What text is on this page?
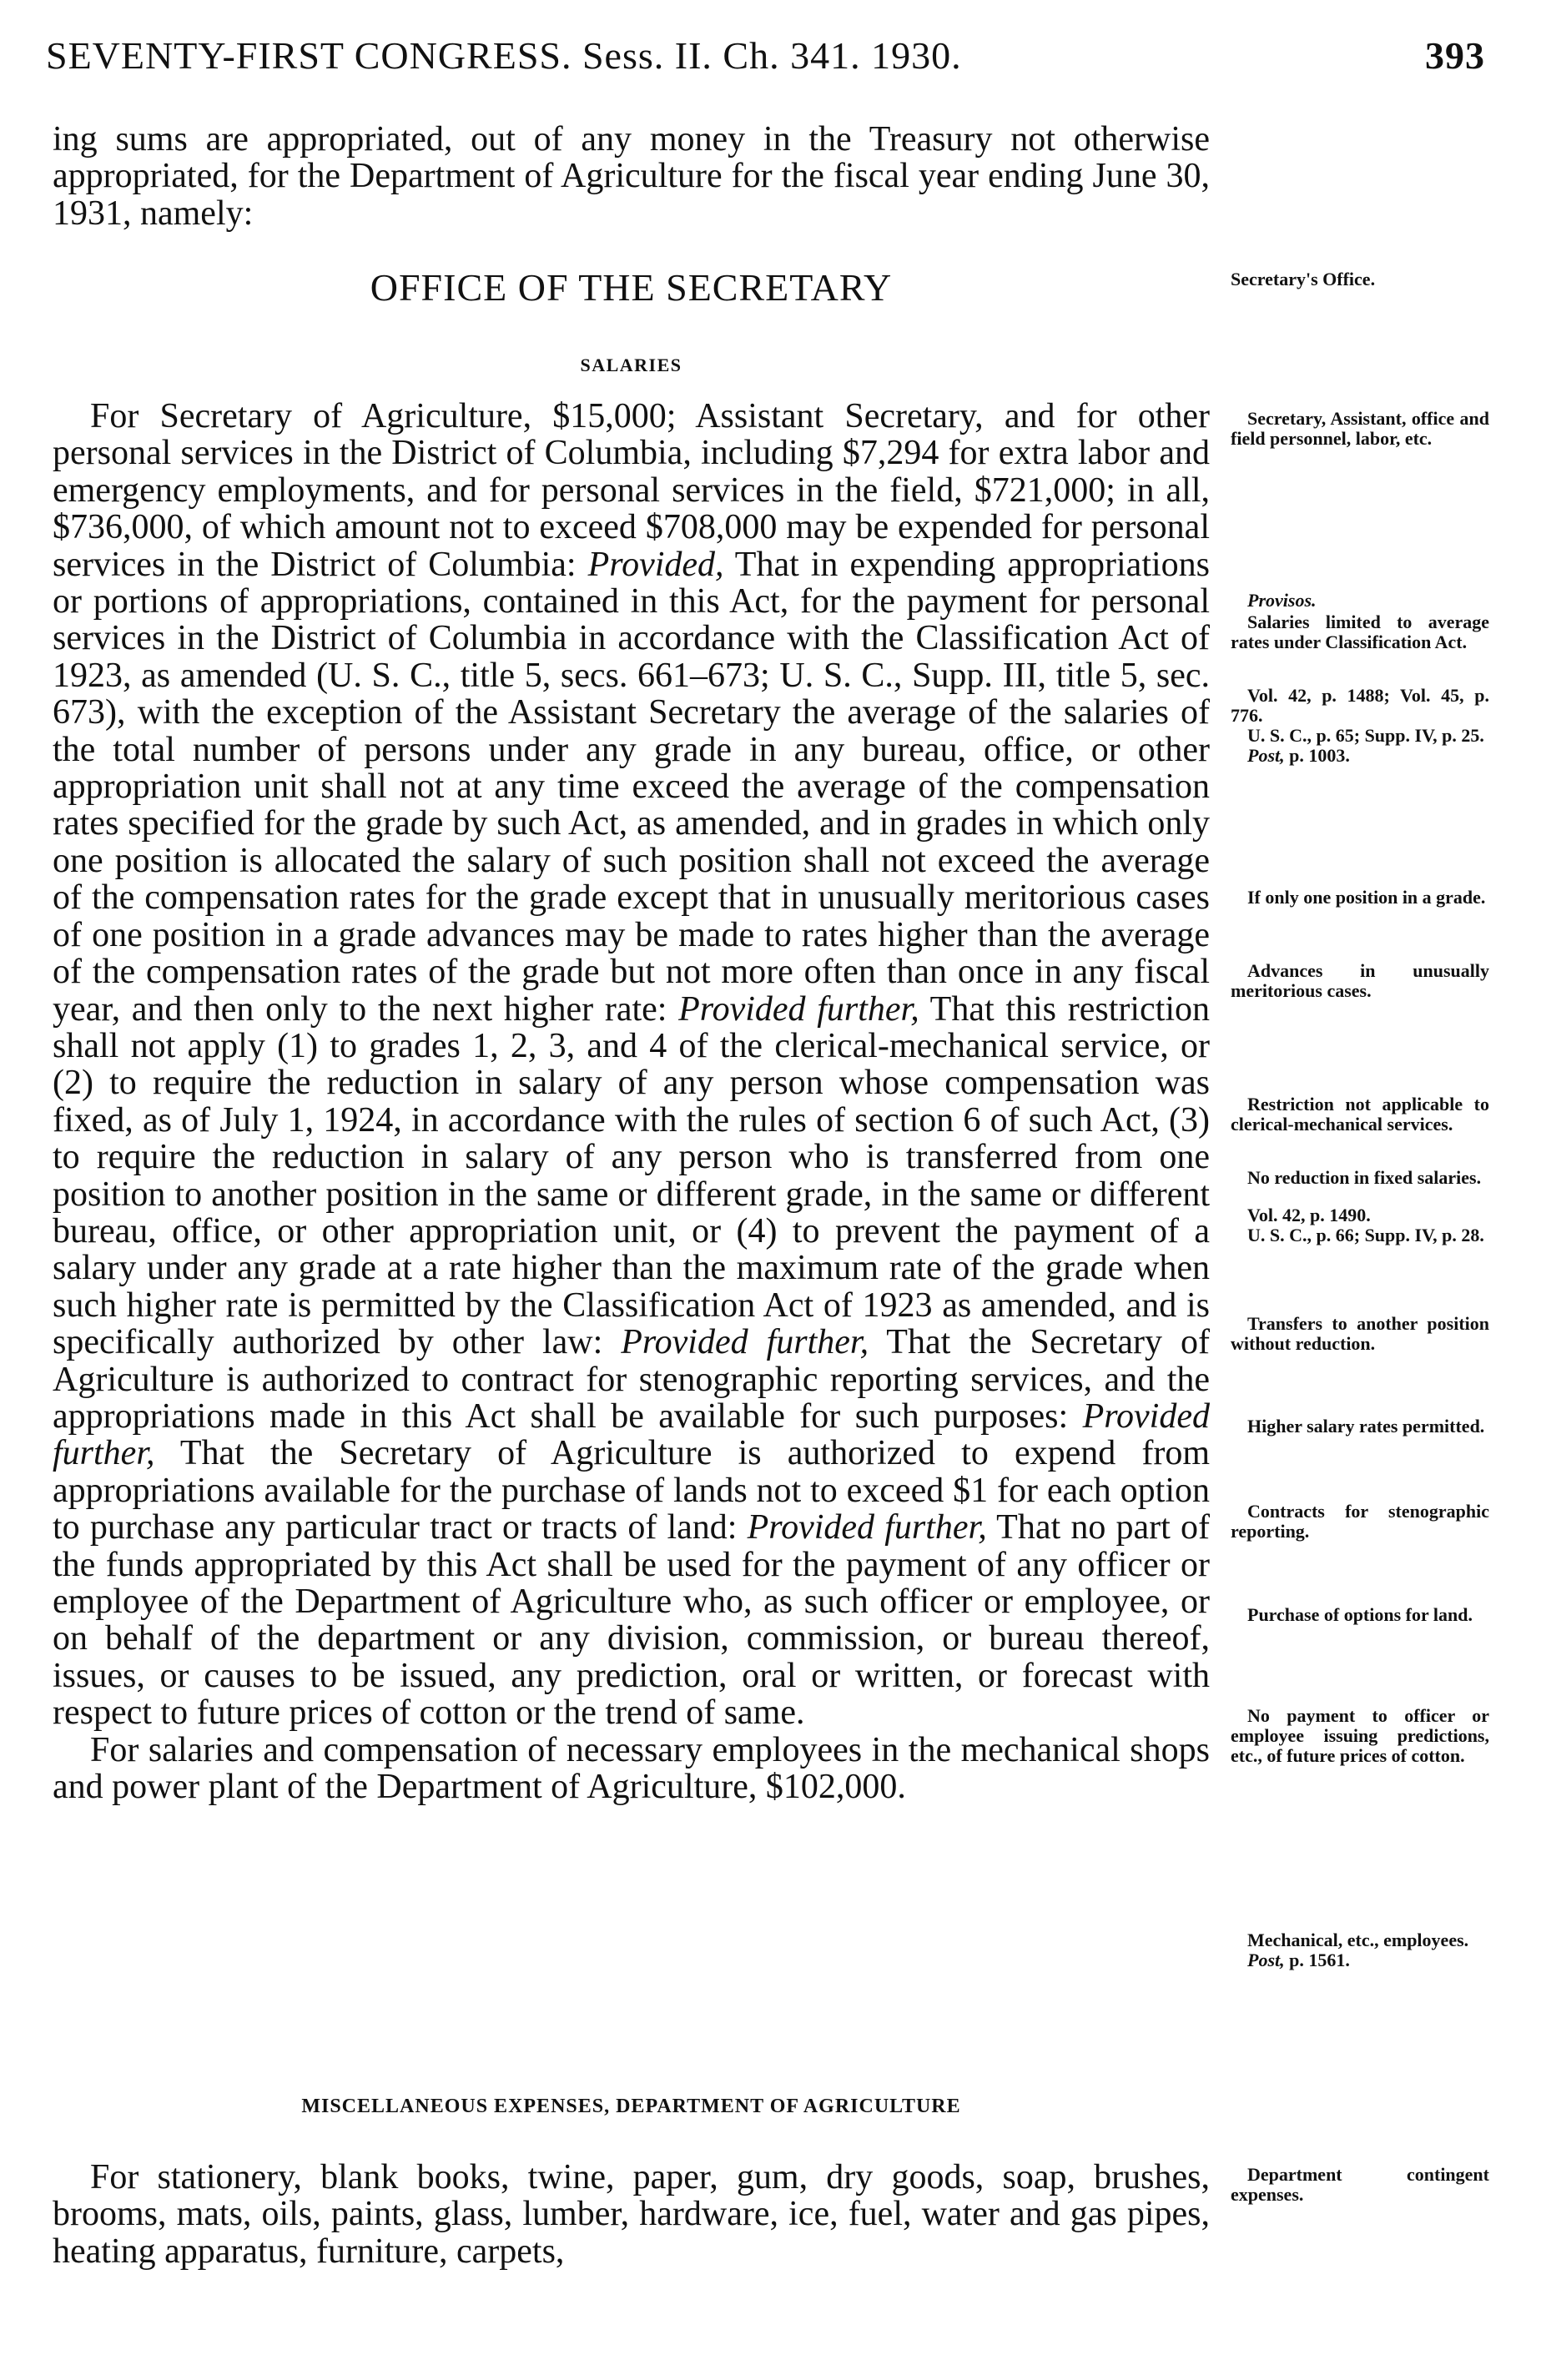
SEVENTY-FIRST CONGRESS. Sess. II. Ch. 341. 1930.	393

ing sums are appropriated, out of any money in the Treasury not otherwise appropriated, for the Department of Agriculture for the fiscal year ending June 30, 1931, namely:

OFFICE OF THE SECRETARY
SALARIES

For Secretary of Agriculture, $15,000; Assistant Secretary, and for other personal services in the District of Columbia, including $7,294 for extra labor and emergency employments, and for personal services in the field, $721,000; in all, $736,000, of which amount not to exceed $708,000 may be expended for personal services in the District of Columbia: Provided, That in expending appropriations or portions of appropriations, contained in this Act, for the payment for personal services in the District of Columbia in accordance with the Classification Act of 1923, as amended (U. S. C., title 5, secs. 661–673; U. S. C., Supp. III, title 5, sec. 673), with the exception of the Assistant Secretary the average of the salaries of the total number of persons under any grade in any bureau, office, or other appropriation unit shall not at any time exceed the average of the compensation rates specified for the grade by such Act, as amended, and in grades in which only one position is allocated the salary of such position shall not exceed the average of the compensation rates for the grade except that in unusually meritorious cases of one position in a grade advances may be made to rates higher than the average of the compensation rates of the grade but not more often than once in any fiscal year, and then only to the next higher rate: Provided further, That this restriction shall not apply (1) to grades 1, 2, 3, and 4 of the clerical-mechanical service, or (2) to require the reduction in salary of any person whose compensation was fixed, as of July 1, 1924, in accordance with the rules of section 6 of such Act, (3) to require the reduction in salary of any person who is transferred from one position to another position in the same or different grade, in the same or different bureau, office, or other appropriation unit, or (4) to prevent the payment of a salary under any grade at a rate higher than the maximum rate of the grade when such higher rate is permitted by the Classification Act of 1923 as amended, and is specifically authorized by other law: Provided further, That the Secretary of Agriculture is authorized to contract for stenographic reporting services, and the appropriations made in this Act shall be available for such purposes: Provided further, That the Secretary of Agriculture is authorized to expend from appropriations available for the purchase of lands not to exceed $1 for each option to purchase any particular tract or tracts of land: Provided further, That no part of the funds appropriated by this Act shall be used for the payment of any officer or employee of the Department of Agriculture who, as such officer or employee, or on behalf of the department or any division, commission, or bureau thereof, issues, or causes to be issued, any prediction, oral or written, or forecast with respect to future prices of cotton or the trend of same.

For salaries and compensation of necessary employees in the mechanical shops and power plant of the Department of Agriculture, $102,000.

MISCELLANEOUS EXPENSES, DEPARTMENT OF AGRICULTURE

For stationery, blank books, twine, paper, gum, dry goods, soap, brushes, brooms, mats, oils, paints, glass, lumber, hardware, ice, fuel, water and gas pipes, heating apparatus, furniture, carpets,

Secretary's Office.
Secretary, Assistant, office and field personnel, labor, etc.
Provisos.
Salaries limited to average rates under Classification Act.
Vol. 42, p. 1488; Vol. 45, p. 776.
U. S. C., p. 65; Supp. IV, p. 25.
Post, p. 1003.
If only one position in a grade.
Advances in unusually meritorious cases.
Restriction not applicable to clerical-mechanical services.
No reduction in fixed salaries.
Vol. 42, p. 1490.
U. S. C., p. 66; Supp. IV, p. 28.
Transfers to another position without reduction.
Higher salary rates permitted.
Contracts for stenographic reporting.
Purchase of options for land.
No payment to officer or employee issuing predictions, etc., of future prices of cotton.
Mechanical, etc., employees.
Post, p. 1561.
Department contingent expenses.
